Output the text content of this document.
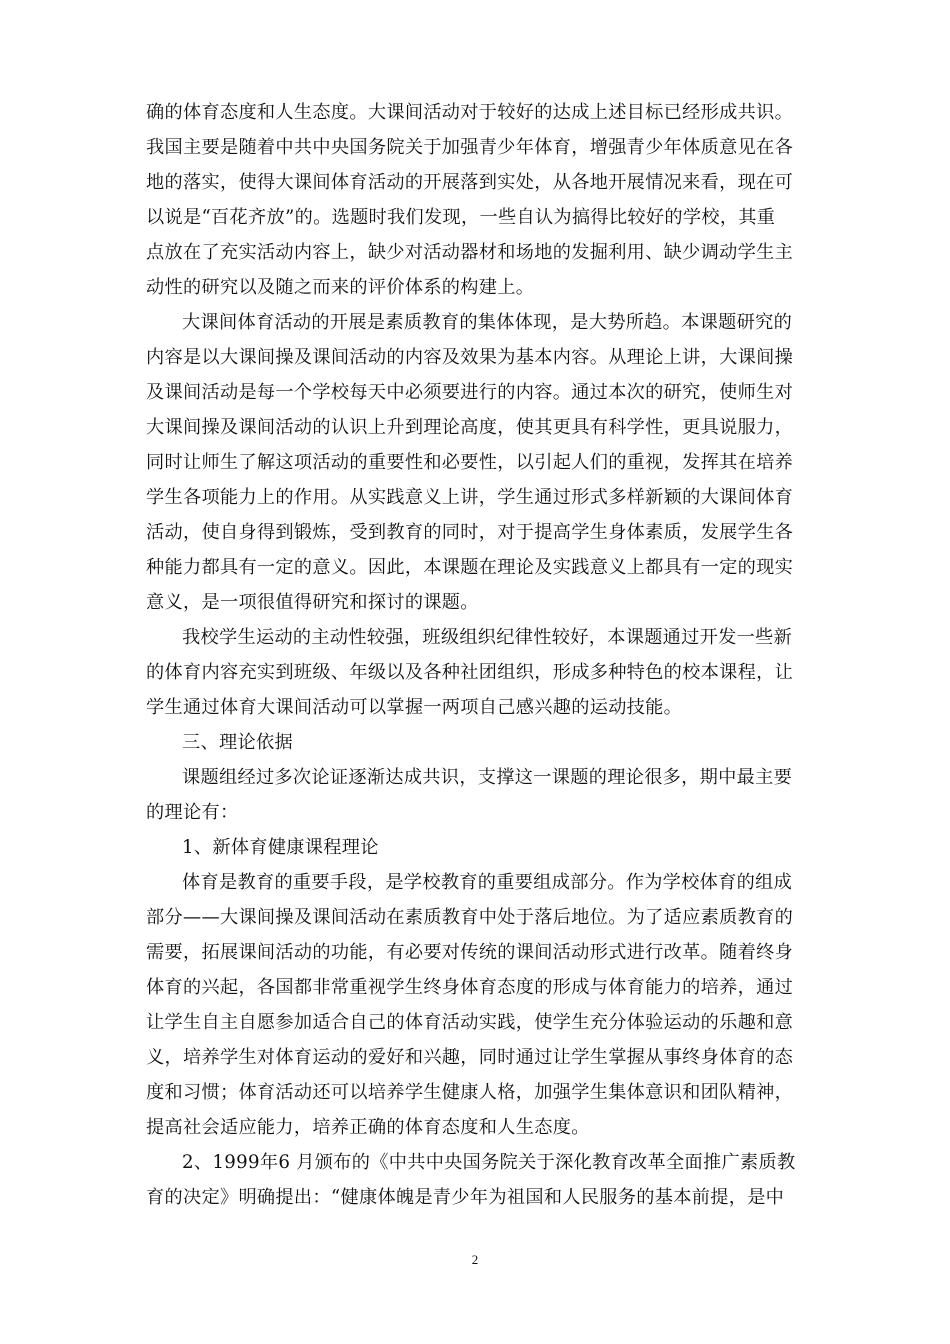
确的体育态度和人生态度。大课间活动对于较好的达成上述目标已经形成共识。
我国主要是随着中共中央国务院关于加强青少年体育，增强青少年体质意见在各
地的落实，使得大课间体育活动的开展落到实处，从各地开展情况来看，现在可
以说是“百花齐放”的。选题时我们发现，一些自认为搞得比较好的学校，其重
点放在了充实活动内容上，缺少对活动器材和场地的发掘利用、缺少调动学生主
动性的研究以及随之而来的评价体系的构建上。
大课间体育活动的开展是素质教育的集体体现，是大势所趋。本课题研究的
内容是以大课间操及课间活动的内容及效果为基本内容。从理论上讲，大课间操
及课间活动是每一个学校每天中必须要进行的内容。通过本次的研究，使师生对
大课间操及课间活动的认识上升到理论高度，使其更具有科学性，更具说服力，
同时让师生了解这项活动的重要性和必要性，以引起人们的重视，发挥其在培养
学生各项能力上的作用。从实践意义上讲，学生通过形式多样新颖的大课间体育
活动，使自身得到锻炼，受到教育的同时，对于提高学生身体素质，发展学生各
种能力都具有一定的意义。因此，本课题在理论及实践意义上都具有一定的现实
意义，是一项很值得研究和探讨的课题。
我校学生运动的主动性较强，班级组织纪律性较好，本课题通过开发一些新
的体育内容充实到班级、年级以及各种社团组织，形成多种特色的校本课程，让
学生通过体育大课间活动可以掌握一两项自己感兴趣的运动技能。
三、理论依据
课题组经过多次论证逐渐达成共识，支撑这一课题的理论很多，期中最主要
的理论有：
1、新体育健康课程理论
体育是教育的重要手段，是学校教育的重要组成部分。作为学校体育的组成
部分——大课间操及课间活动在素质教育中处于落后地位。为了适应素质教育的
需要，拓展课间活动的功能，有必要对传统的课间活动形式进行改革。随着终身
体育的兴起，各国都非常重视学生终身体育态度的形成与体育能力的培养，通过
让学生自主自愿参加适合自己的体育活动实践，使学生充分体验运动的乐趣和意
义，培养学生对体育运动的爱好和兴趣，同时通过让学生掌握从事终身体育的态
度和习惯；体育活动还可以培养学生健康人格，加强学生集体意识和团队精神，
提高社会适应能力，培养正确的体育态度和人生态度。
2、1999年6 月颁布的《中共中央国务院关于深化教育改革全面推广素质教
育的决定》明确提出：“健康体魄是青少年为祖国和人民服务的基本前提，是中
2
